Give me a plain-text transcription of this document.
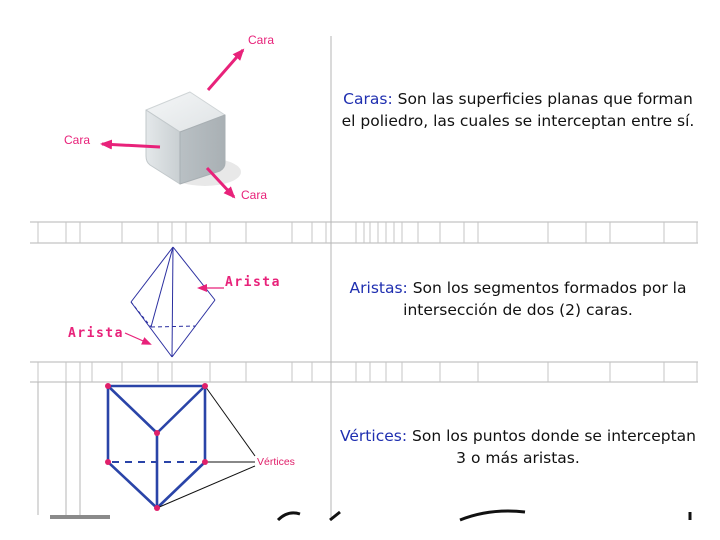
Cara
Cara
Cara
Arista
Arista
Vértices
Caras: Son las superficies planas que forman el poliedro, las cuales se interceptan entre sí.
Aristas: Son los segmentos formados por la intersección de dos (2) caras.
Vértices: Son los puntos donde se interceptan 3 o más aristas.
